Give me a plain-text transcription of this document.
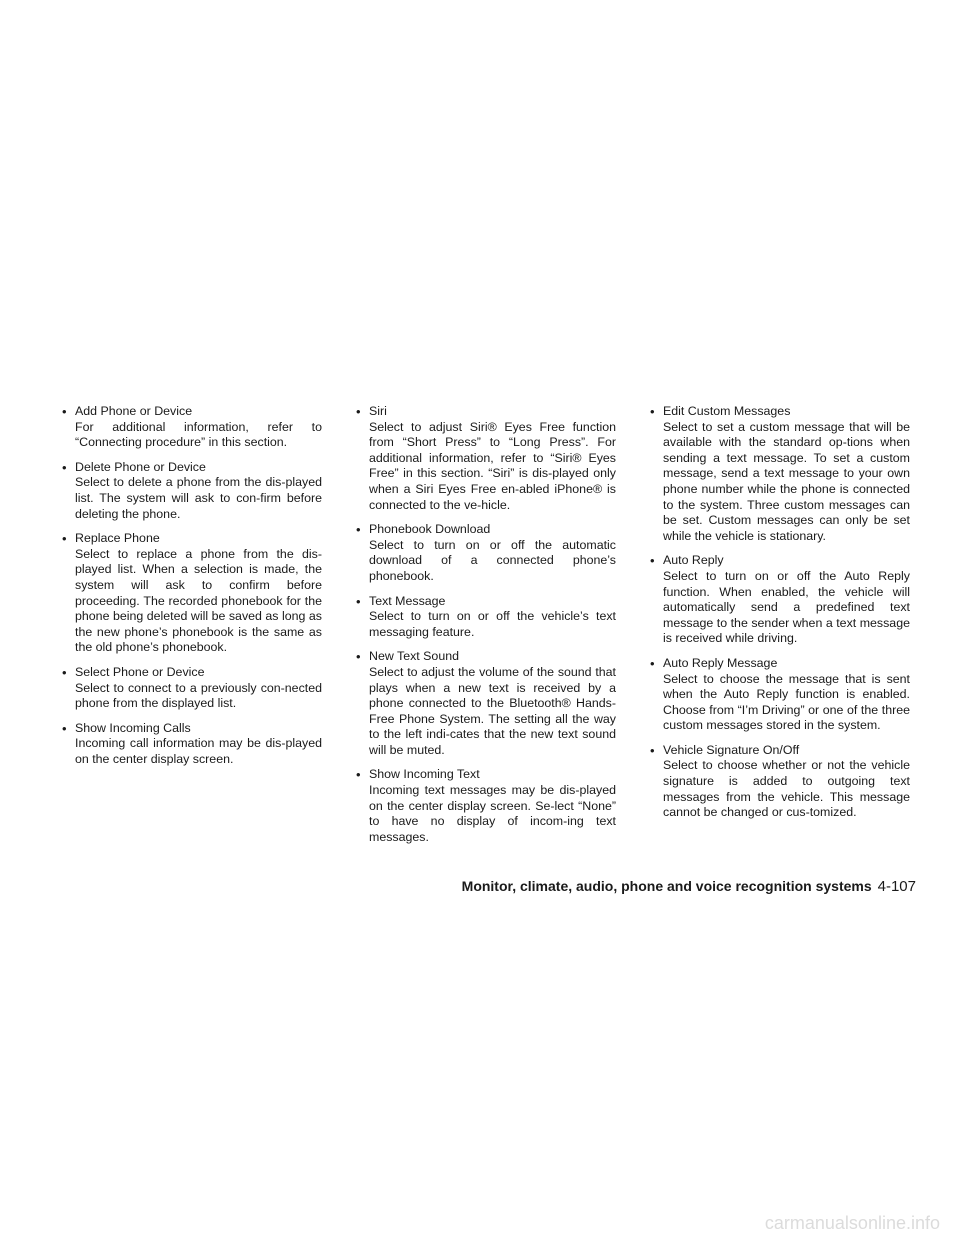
• Add Phone or Device
For additional information, refer to “Connecting procedure” in this section.
• Delete Phone or Device
Select to delete a phone from the dis-played list. The system will ask to con-firm before deleting the phone.
• Replace Phone
Select to replace a phone from the dis-played list. When a selection is made, the system will ask to confirm before proceeding. The recorded phonebook for the phone being deleted will be saved as long as the new phone’s phonebook is the same as the old phone’s phonebook.
• Select Phone or Device
Select to connect to a previously con-nected phone from the displayed list.
• Show Incoming Calls
Incoming call information may be dis-played on the center display screen.
• Siri
Select to adjust Siri® Eyes Free function from “Short Press” to “Long Press”. For additional information, refer to “Siri® Eyes Free” in this section. “Siri” is dis-played only when a Siri Eyes Free en-abled iPhone® is connected to the ve-hicle.
• Phonebook Download
Select to turn on or off the automatic download of a connected phone’s phonebook.
• Text Message
Select to turn on or off the vehicle’s text messaging feature.
• New Text Sound
Select to adjust the volume of the sound that plays when a new text is received by a phone connected to the Bluetooth® Hands-Free Phone System. The setting all the way to the left indi-cates that the new text sound will be muted.
• Show Incoming Text
Incoming text messages may be dis-played on the center display screen. Se-lect “None” to have no display of incom-ing text messages.
• Edit Custom Messages
Select to set a custom message that will be available with the standard op-tions when sending a text message. To set a custom message, send a text message to your own phone number while the phone is connected to the system. Three custom messages can be set. Custom messages can only be set while the vehicle is stationary.
• Auto Reply
Select to turn on or off the Auto Reply function. When enabled, the vehicle will automatically send a predefined text message to the sender when a text message is received while driving.
• Auto Reply Message
Select to choose the message that is sent when the Auto Reply function is enabled. Choose from “I’m Driving” or one of the three custom messages stored in the system.
• Vehicle Signature On/Off
Select to choose whether or not the vehicle signature is added to outgoing text messages from the vehicle. This message cannot be changed or cus-tomized.
Monitor, climate, audio, phone and voice recognition systems 4-107
carmanualsonline.info
